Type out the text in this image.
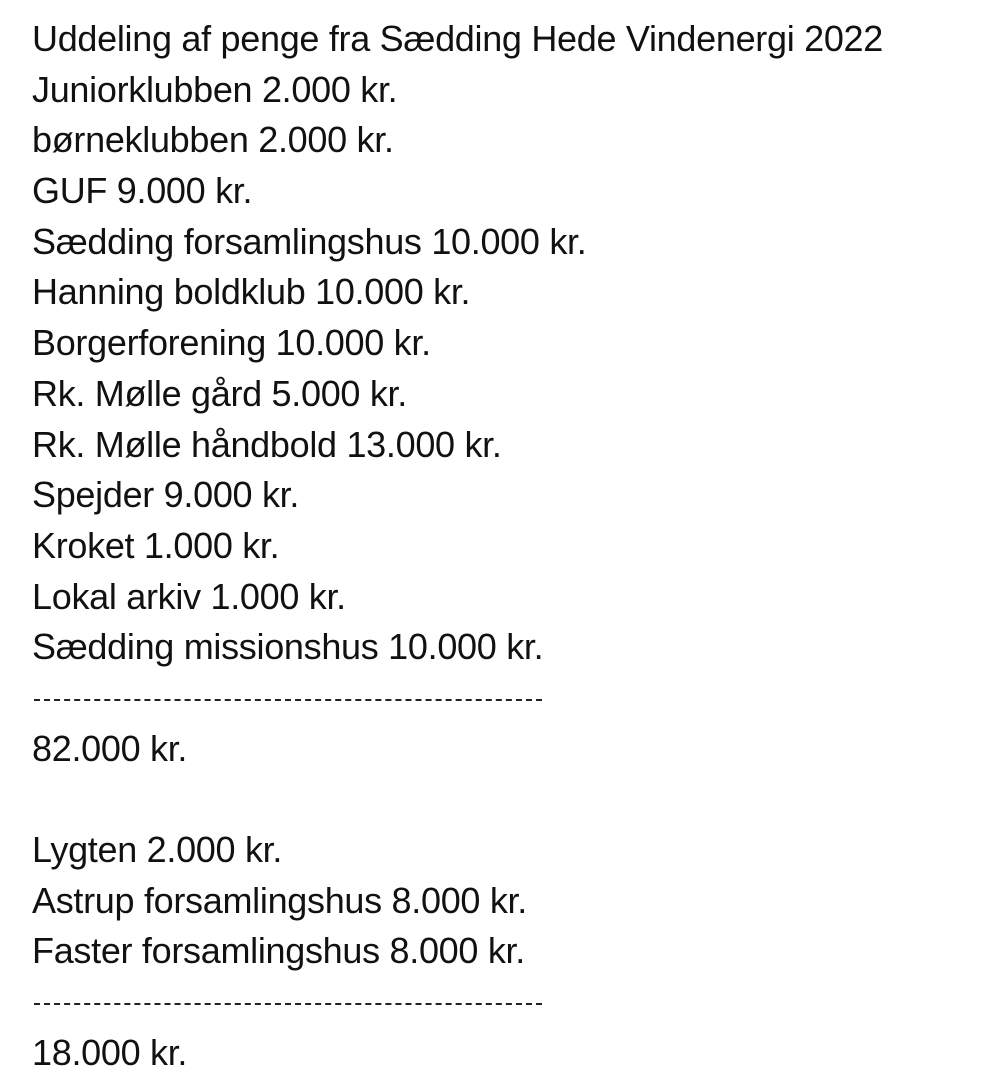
Uddeling af penge fra Sædding Hede Vindenergi 2022
Juniorklubben 2.000 kr.
børneklubben 2.000 kr.
GUF 9.000 kr.
Sædding forsamlingshus 10.000 kr.
Hanning boldklub 10.000 kr.
Borgerforening 10.000 kr.
Rk. Mølle gård 5.000 kr.
Rk. Mølle håndbold 13.000 kr.
Spejder 9.000 kr.
Kroket 1.000 kr.
Lokal arkiv 1.000 kr.
Sædding missionshus 10.000 kr.
82.000 kr.
Lygten 2.000 kr.
Astrup forsamlingshus 8.000 kr.
Faster forsamlingshus 8.000 kr.
18.000 kr.
